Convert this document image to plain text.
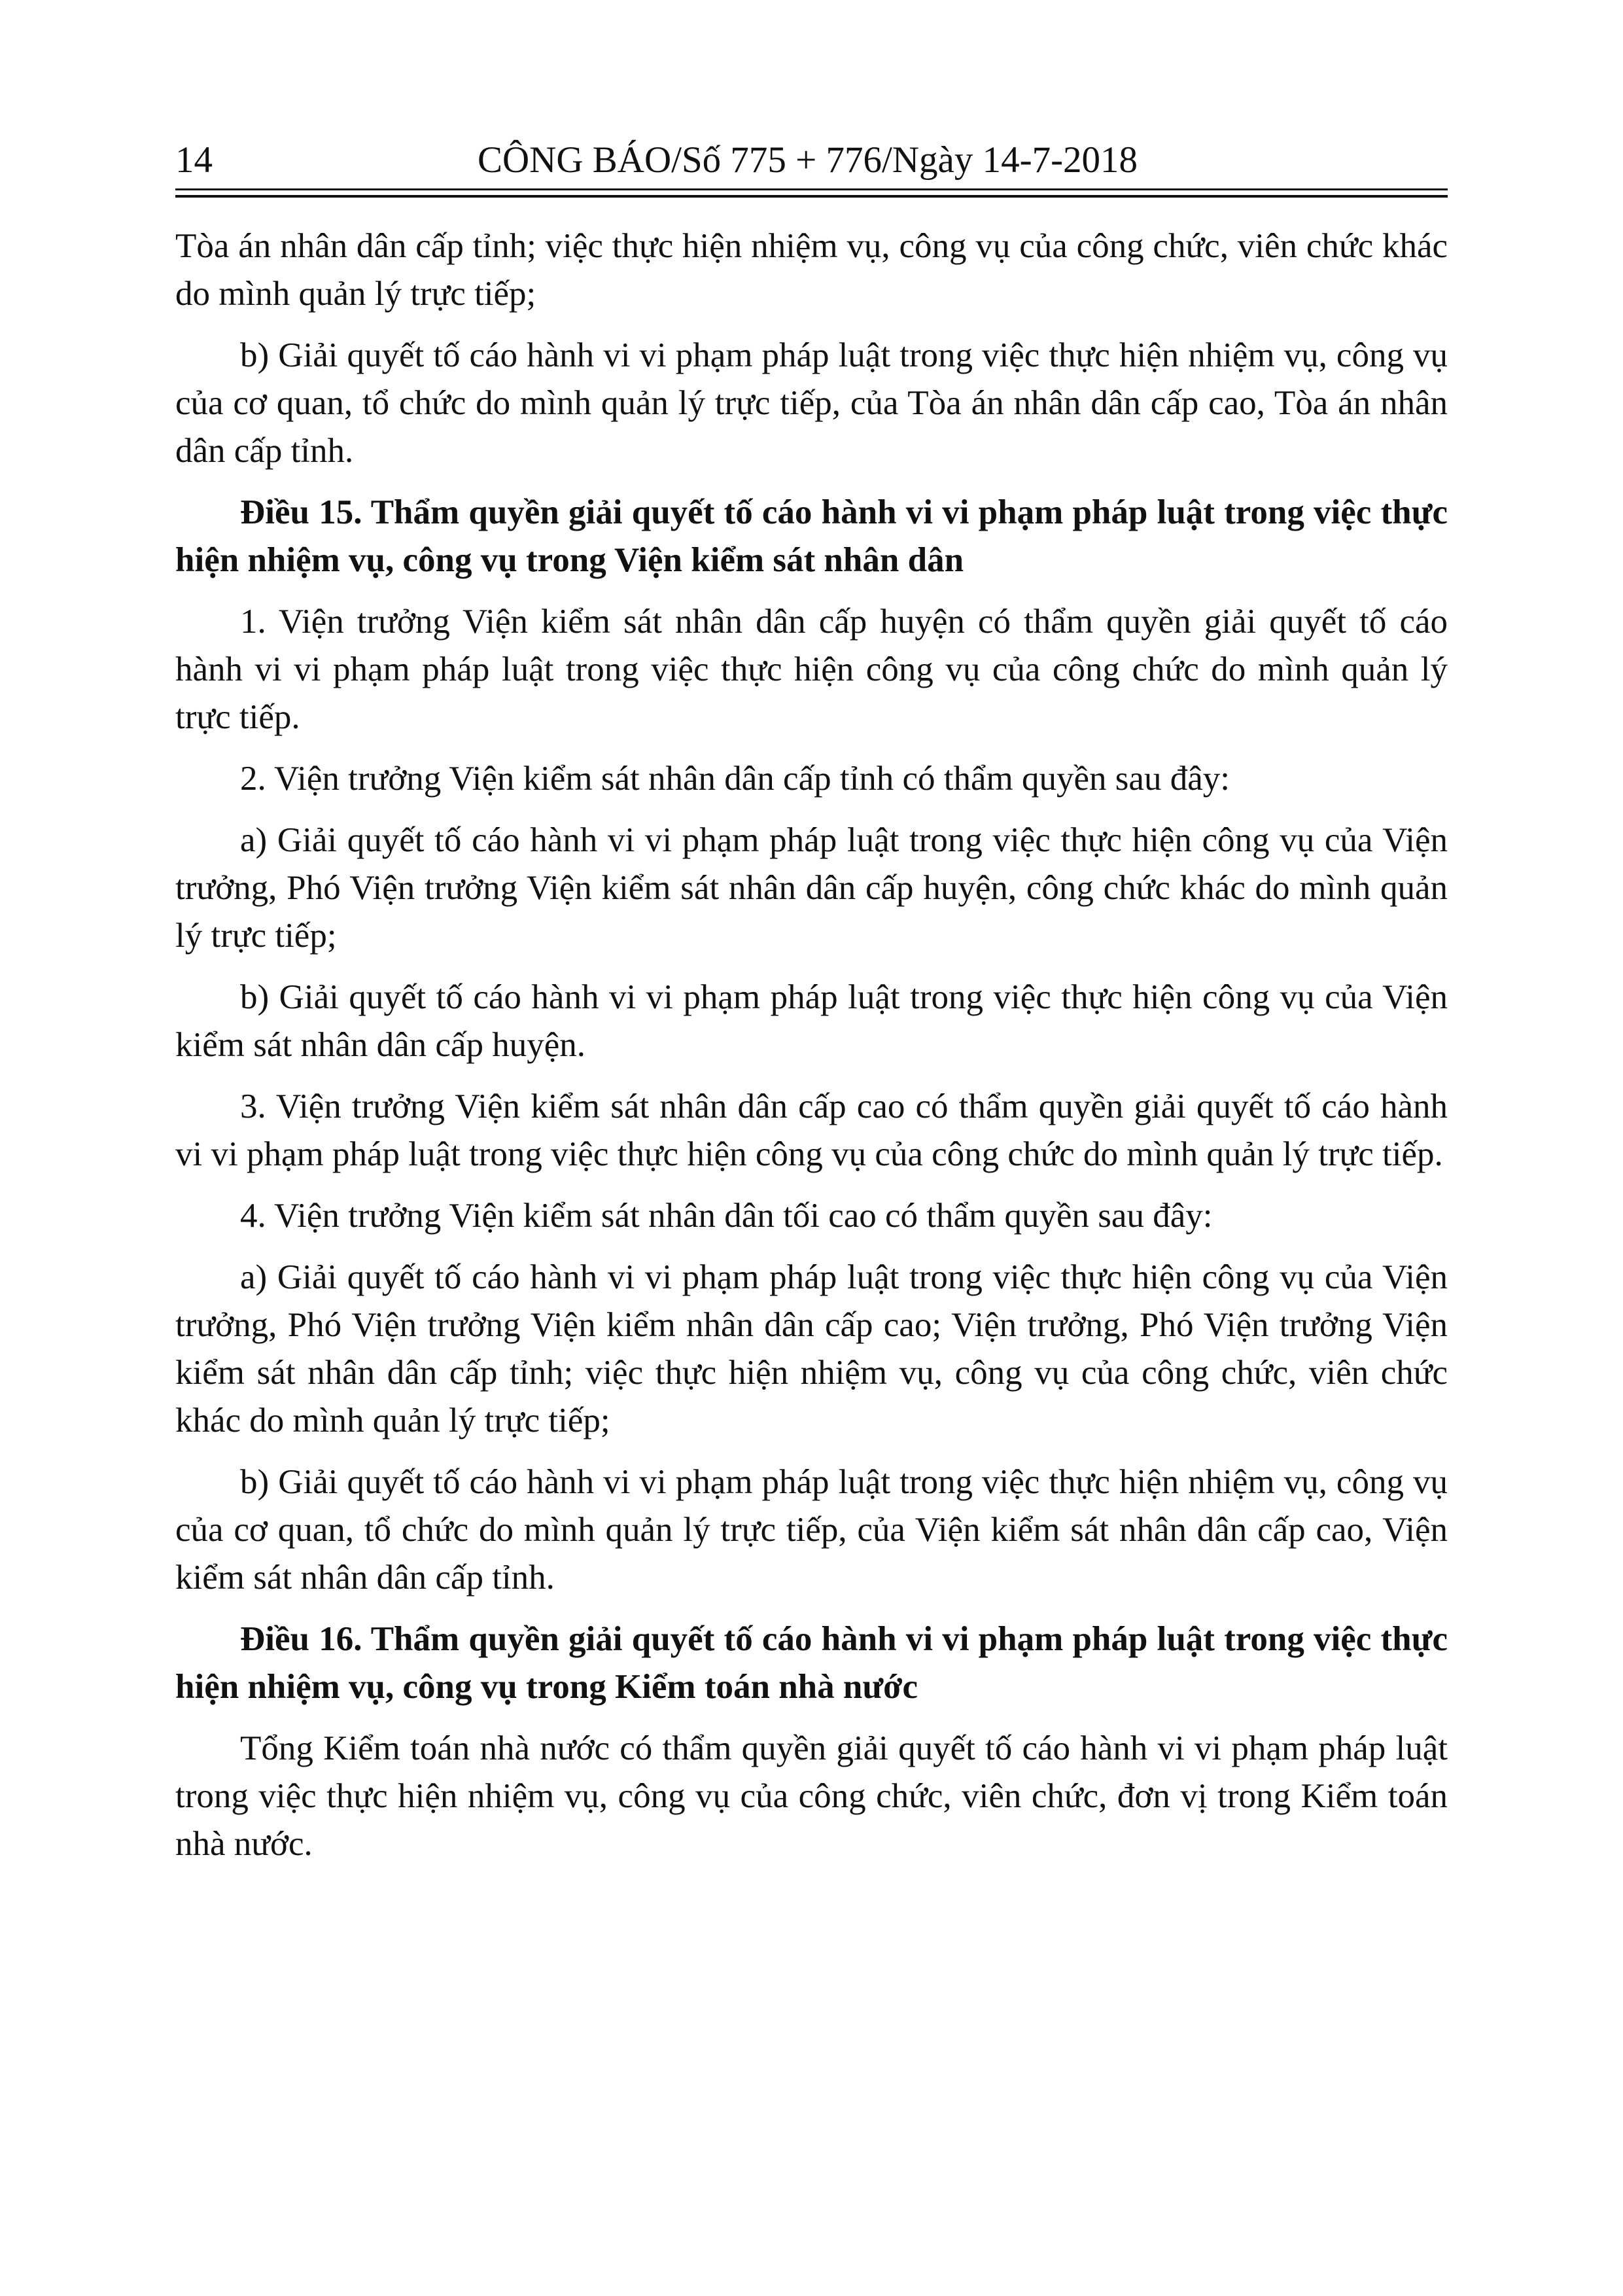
14	CÔNG BÁO/Số 775 + 776/Ngày 14-7-2018

Tòa án nhân dân cấp tỉnh; việc thực hiện nhiệm vụ, công vụ của công chức, viên chức khác do mình quản lý trực tiếp;

b) Giải quyết tố cáo hành vi vi phạm pháp luật trong việc thực hiện nhiệm vụ, công vụ của cơ quan, tổ chức do mình quản lý trực tiếp, của Tòa án nhân dân cấp cao, Tòa án nhân dân cấp tỉnh.

Điều 15. Thẩm quyền giải quyết tố cáo hành vi vi phạm pháp luật trong việc thực hiện nhiệm vụ, công vụ trong Viện kiểm sát nhân dân

1. Viện trưởng Viện kiểm sát nhân dân cấp huyện có thẩm quyền giải quyết tố cáo hành vi vi phạm pháp luật trong việc thực hiện công vụ của công chức do mình quản lý trực tiếp.

2. Viện trưởng Viện kiểm sát nhân dân cấp tỉnh có thẩm quyền sau đây:

a) Giải quyết tố cáo hành vi vi phạm pháp luật trong việc thực hiện công vụ của Viện trưởng, Phó Viện trưởng Viện kiểm sát nhân dân cấp huyện, công chức khác do mình quản lý trực tiếp;

b) Giải quyết tố cáo hành vi vi phạm pháp luật trong việc thực hiện công vụ của Viện kiểm sát nhân dân cấp huyện.

3. Viện trưởng Viện kiểm sát nhân dân cấp cao có thẩm quyền giải quyết tố cáo hành vi vi phạm pháp luật trong việc thực hiện công vụ của công chức do mình quản lý trực tiếp.

4. Viện trưởng Viện kiểm sát nhân dân tối cao có thẩm quyền sau đây:

a) Giải quyết tố cáo hành vi vi phạm pháp luật trong việc thực hiện công vụ của Viện trưởng, Phó Viện trưởng Viện kiểm nhân dân cấp cao; Viện trưởng, Phó Viện trưởng Viện kiểm sát nhân dân cấp tỉnh; việc thực hiện nhiệm vụ, công vụ của công chức, viên chức khác do mình quản lý trực tiếp;

b) Giải quyết tố cáo hành vi vi phạm pháp luật trong việc thực hiện nhiệm vụ, công vụ của cơ quan, tổ chức do mình quản lý trực tiếp, của Viện kiểm sát nhân dân cấp cao, Viện kiểm sát nhân dân cấp tỉnh.

Điều 16. Thẩm quyền giải quyết tố cáo hành vi vi phạm pháp luật trong việc thực hiện nhiệm vụ, công vụ trong Kiểm toán nhà nước

Tổng Kiểm toán nhà nước có thẩm quyền giải quyết tố cáo hành vi vi phạm pháp luật trong việc thực hiện nhiệm vụ, công vụ của công chức, viên chức, đơn vị trong Kiểm toán nhà nước.
